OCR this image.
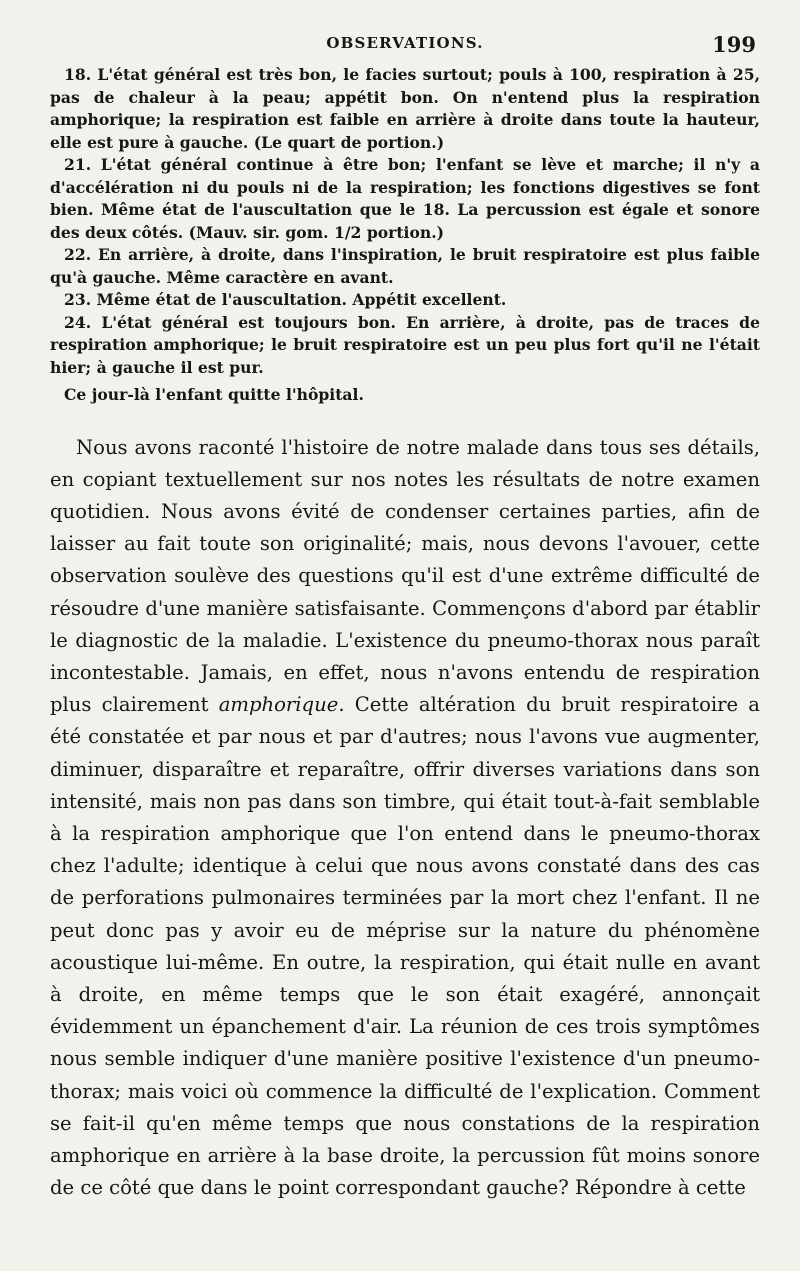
OBSERVATIONS.	199

18. L'état général est très bon, le facies surtout; pouls à 100, respiration à 25, pas de chaleur à la peau; appétit bon. On n'entend plus la respiration amphorique; la respiration est faible en arrière à droite dans toute la hauteur, elle est pure à gauche. (Le quart de portion.)

21. L'état général continue à être bon; l'enfant se lève et marche; il n'y a d'accélération ni du pouls ni de la respiration; les fonctions digestives se font bien. Même état de l'auscultation que le 18. La percussion est égale et sonore des deux côtés. (Mauv. sir. gom. 1/2 portion.)

22. En arrière, à droite, dans l'inspiration, le bruit respiratoire est plus faible qu'à gauche. Même caractère en avant.

23. Même état de l'auscultation. Appétit excellent.

24. L'état général est toujours bon. En arrière, à droite, pas de traces de respiration amphorique; le bruit respiratoire est un peu plus fort qu'il ne l'était hier; à gauche il est pur.

Ce jour-là l'enfant quitte l'hôpital.

Nous avons raconté l'histoire de notre malade dans tous ses détails, en copiant textuellement sur nos notes les résultats de notre examen quotidien. Nous avons évité de condenser certaines parties, afin de laisser au fait toute son originalité; mais, nous devons l'avouer, cette observation soulève des questions qu'il est d'une extrême difficulté de résoudre d'une manière satisfaisante. Commençons d'abord par établir le diagnostic de la maladie. L'existence du pneumo-thorax nous paraît incontestable. Jamais, en effet, nous n'avons entendu de respiration plus clairement amphorique. Cette altération du bruit respiratoire a été constatée et par nous et par d'autres; nous l'avons vue augmenter, diminuer, disparaître et reparaître, offrir diverses variations dans son intensité, mais non pas dans son timbre, qui était tout-à-fait semblable à la respiration amphorique que l'on entend dans le pneumo-thorax chez l'adulte; identique à celui que nous avons constaté dans des cas de perforations pulmonaires terminées par la mort chez l'enfant. Il ne peut donc pas y avoir eu de méprise sur la nature du phénomène acoustique lui-même. En outre, la respiration, qui était nulle en avant à droite, en même temps que le son était exagéré, annonçait évidemment un épanchement d'air. La réunion de ces trois symptômes nous semble indiquer d'une manière positive l'existence d'un pneumo-thorax; mais voici où commence la difficulté de l'explication. Comment se fait-il qu'en même temps que nous constations de la respiration amphorique en arrière à la base droite, la percussion fût moins sonore de ce côté que dans le point correspondant gauche? Répondre à cette
